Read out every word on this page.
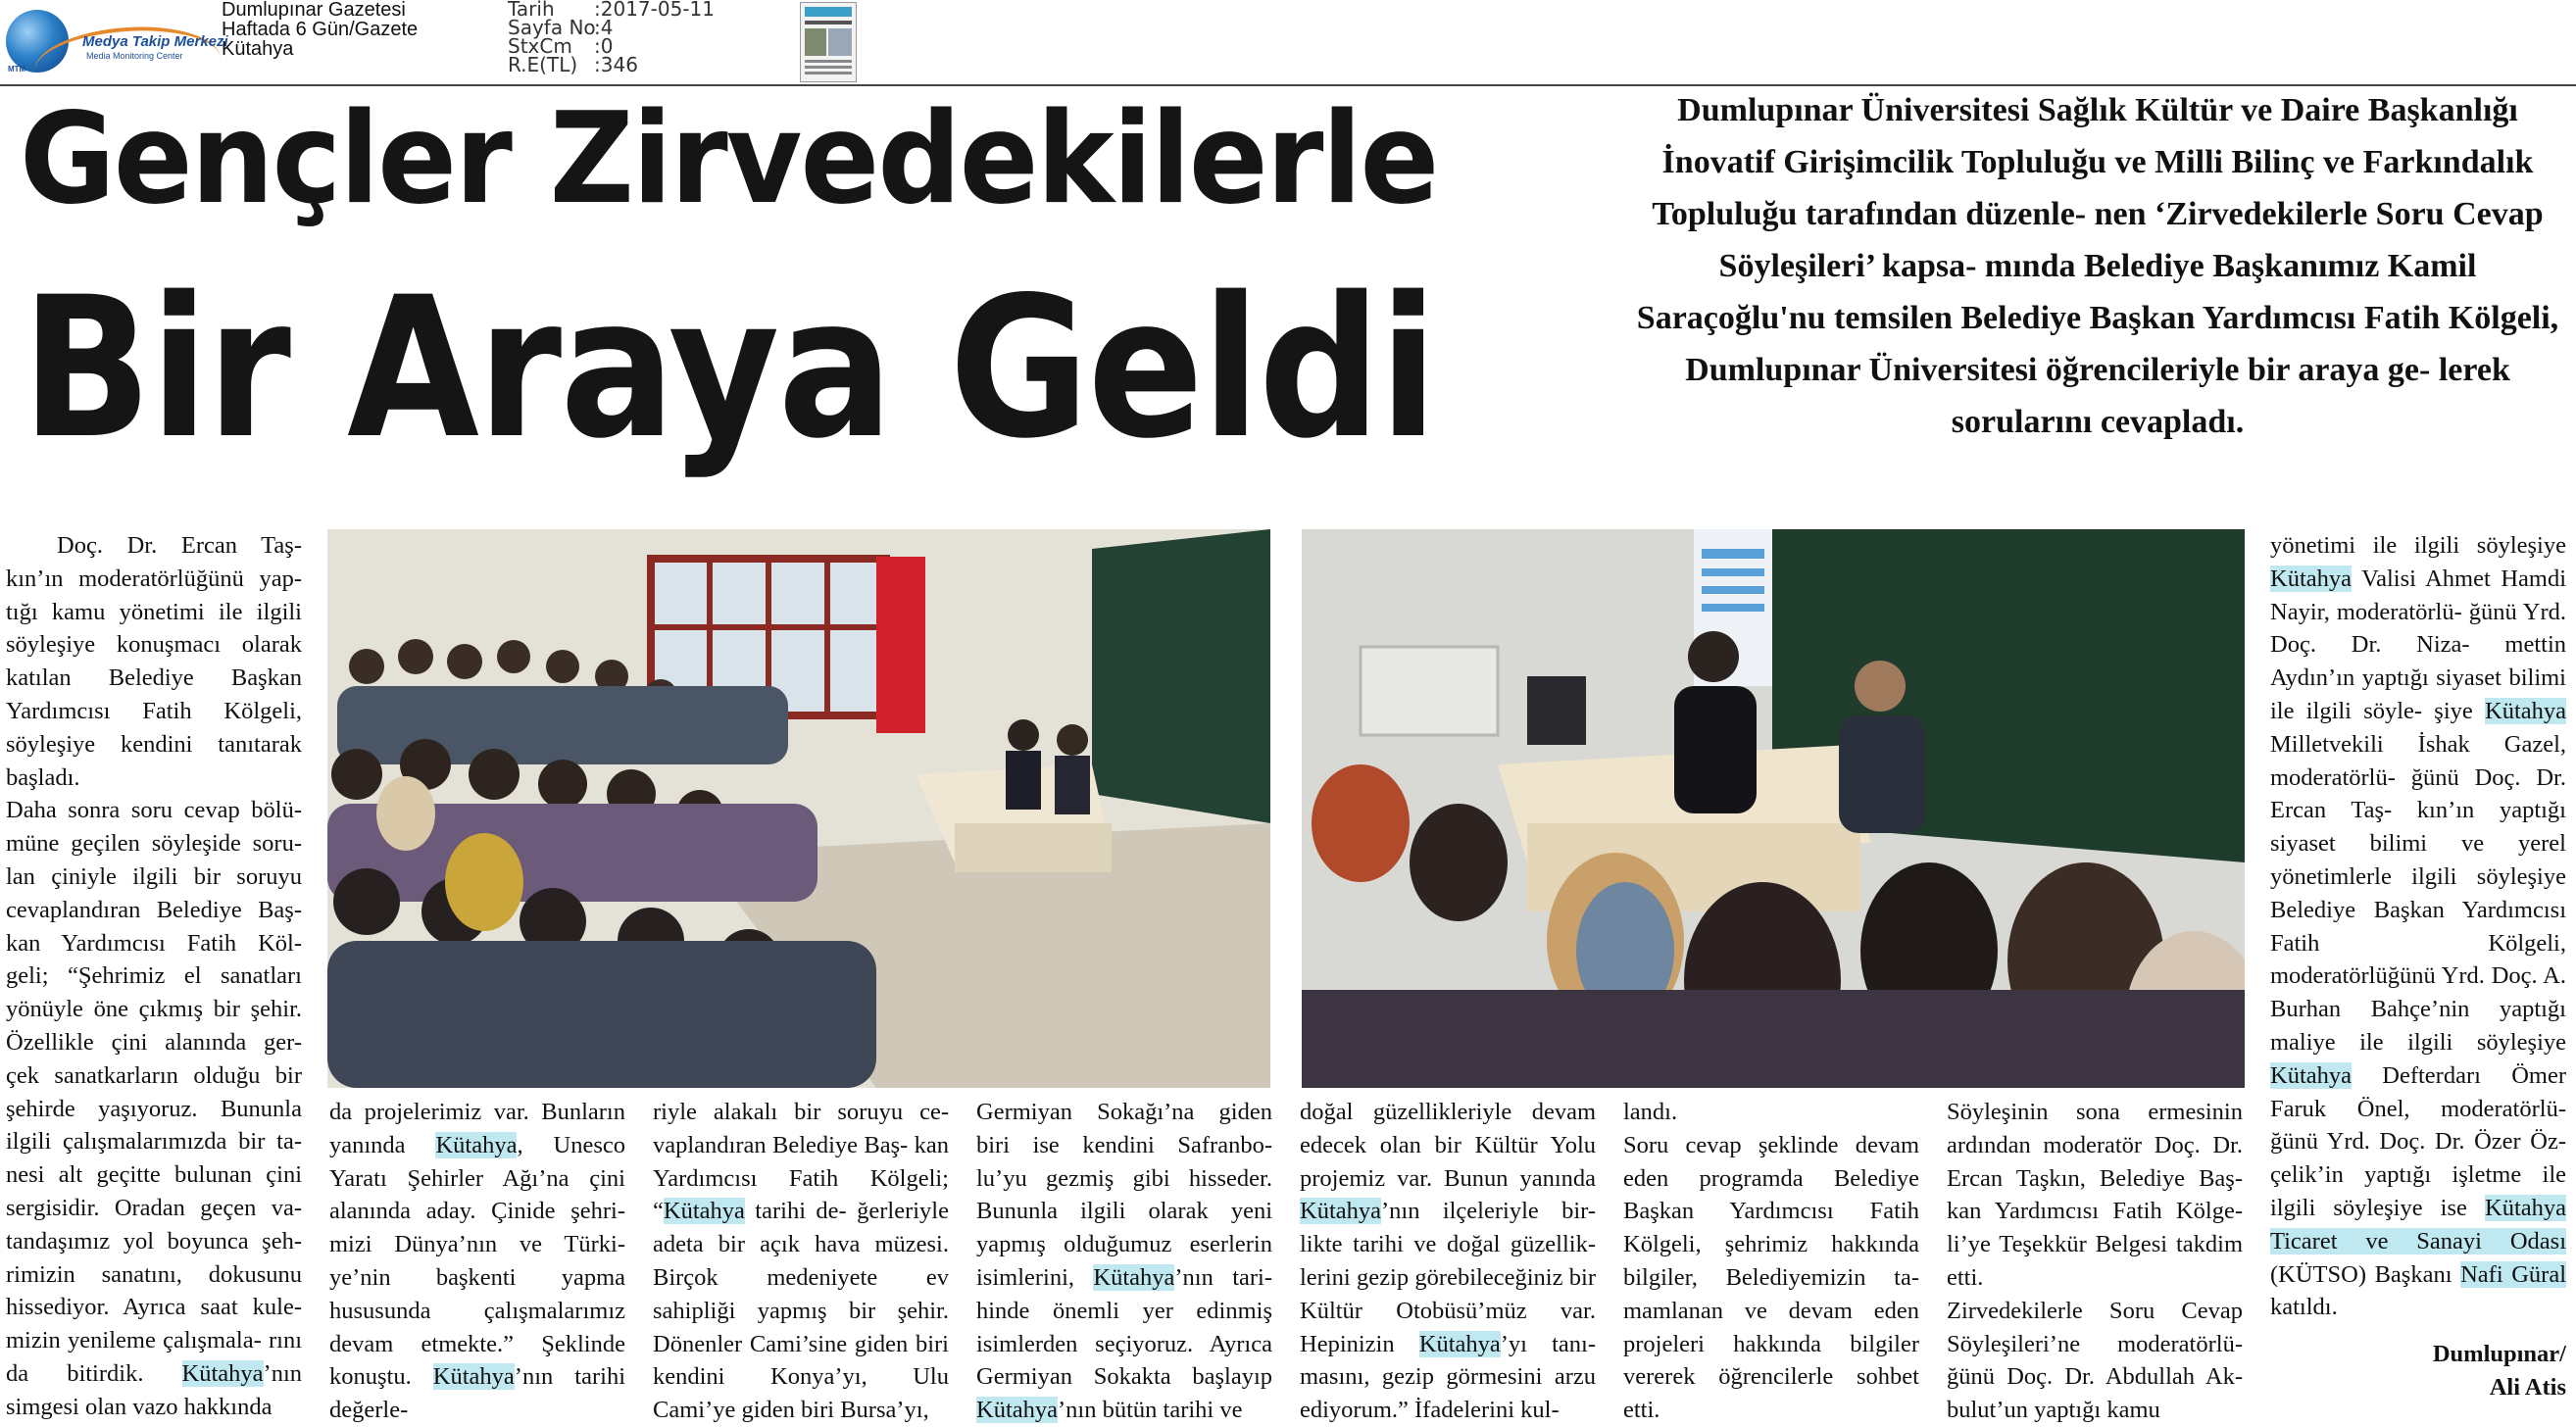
Medya Takip Merkezi
Media Monitoring Center
MTM
Dumlupınar Gazetesi
Haftada 6 Gün/Gazete
Kütahya
Tarih	:2017-05-11
Sayfa No
:4
StxCm	:0
R.E(TL) :346
Gençler Zirvedekilerle
Bir Araya Geldi
Dumlupınar Üniversitesi Sağlık Kültür ve Daire Başkanlığı İnovatif Girişimcilik Topluluğu ve Milli Bilinç ve Farkındalık Topluluğu tarafından düzenle- nen ‘Zirvedekilerle Soru Cevap Söyleşileri’ kapsa- mında Belediye Başkanımız Kamil Saraçoğlu'nu temsilen Belediye Başkan Yardımcısı Fatih Kölgeli, Dumlupınar Üniversitesi öğrencileriyle bir araya ge- lerek sorularını cevapladı.

Doç. Dr. Ercan Taş- kın’ın moderatörlüğünü yap- tığı kamu yönetimi ile ilgili söyleşiye konuşmacı olarak katılan Belediye Başkan Yardımcısı Fatih Kölgeli, söyleşiye kendini tanıtarak başladı.

Daha sonra soru cevap bölü- müne geçilen söyleşide soru- lan çiniyle ilgili bir soruyu cevaplandıran Belediye Baş- kan Yardımcısı Fatih Köl- geli; “Şehrimiz el sanatları yönüyle öne çıkmış bir şehir. Özellikle çini alanında ger- çek sanatkarların olduğu bir şehirde yaşıyoruz. Bununla ilgili çalışmalarımızda bir ta- nesi alt geçitte bulunan çini sergisidir. Oradan geçen va- tandaşımız yol boyunca şeh- rimizin sanatını, dokusunu hissediyor. Ayrıca saat kule- mizin yenileme çalışmala- rını da bitirdik. Kütahya’nın simgesi olan vazo hakkında

da projelerimiz var. Bunların yanında Kütahya, Unesco Yaratı Şehirler Ağı’na çini alanında aday. Çinide şehri- mizi Dünya’nın ve Türki- ye’nin başkenti yapma hususunda çalışmalarımız devam etmekte.” Şeklinde konuştu. Kütahya’nın tarihi değerle-

riyle alakalı bir soruyu ce- vaplandıran Belediye Baş- kan Yardımcısı Fatih Kölgeli; “Kütahya tarihi de- ğerleriyle adeta bir açık hava müzesi. Birçok medeniyete ev sahipliği yapmış bir şehir. Dönenler Cami’sine giden biri kendini Konya’yı, Ulu Cami’ye giden biri Bursa’yı,

Germiyan Sokağı’na giden biri ise kendini Safranbo- lu’yu gezmiş gibi hisseder. Bununla ilgili olarak yeni yapmış olduğumuz eserlerin isimlerini, Kütahya’nın tari- hinde önemli yer edinmiş isimlerden seçiyoruz. Ayrıca Germiyan Sokakta başlayıp Kütahya’nın bütün tarihi ve

doğal güzellikleriyle devam edecek olan bir Kültür Yolu projemiz var. Bunun yanında Kütahya’nın ilçeleriyle bir- likte tarihi ve doğal güzellik- lerini gezip görebileceğiniz bir Kültür Otobüsü’müz var. Hepinizin Kütahya’yı tanı- masını, gezip görmesini arzu ediyorum.” İfadelerini kul-

landı.

Soru cevap şeklinde devam eden programda Belediye Başkan Yardımcısı Fatih Kölgeli, şehrimiz hakkında bilgiler, Belediyemizin ta- mamlanan ve devam eden projeleri hakkında bilgiler vererek öğrencilerle sohbet etti.

Söyleşinin sona ermesinin ardından moderatör Doç. Dr. Ercan Taşkın, Belediye Baş- kan Yardımcısı Fatih Kölge- li’ye Teşekkür Belgesi takdim etti.

Zirvedekilerle Soru Cevap Söyleşileri’ne moderatörlü- ğünü Doç. Dr. Abdullah Ak- bulut’un yaptığı kamu

yönetimi ile ilgili söyleşiye Kütahya Valisi Ahmet Hamdi Nayir, moderatörlü- ğünü Yrd. Doç. Dr. Niza- mettin Aydın’ın yaptığı siyaset bilimi ile ilgili söyle- şiye Kütahya Milletvekili İshak Gazel, moderatörlü- ğünü Doç. Dr. Ercan Taş- kın’ın yaptığı siyaset bilimi ve yerel yönetimlerle ilgili söyleşiye Belediye Başkan Yardımcısı Fatih Kölgeli, moderatörlüğünü Yrd. Doç. A. Burhan Bahçe’nin yaptığı maliye ile ilgili söyleşiye Kütahya Defterdarı Ömer Faruk Önel, moderatörlü- ğünü Yrd. Doç. Dr. Özer Öz- çelik’in yaptığı işletme ile ilgili söyleşiye ise Kütahya Ticaret ve Sanayi Odası (KÜTSO) Başkanı Nafi Güral katıldı.

Dumlupınar/
Ali Atis
